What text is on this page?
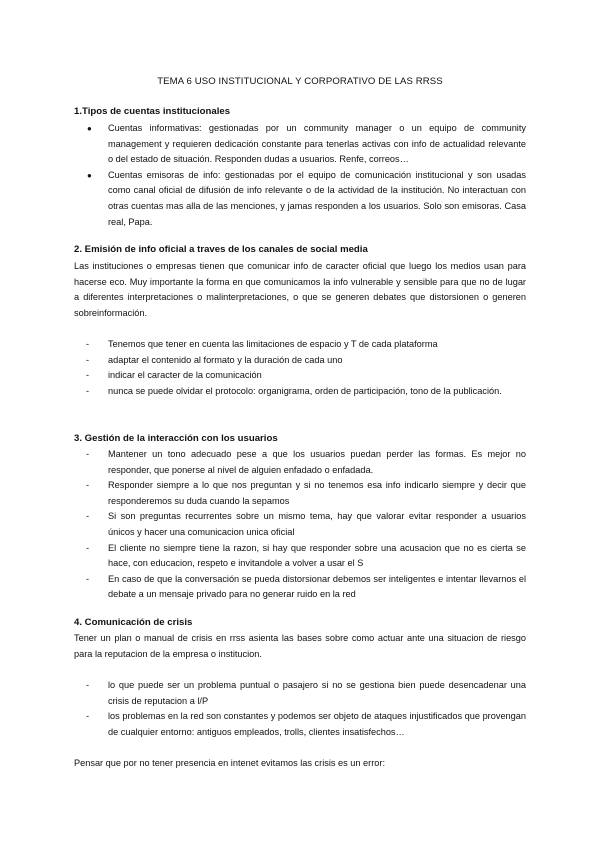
TEMA 6 USO INSTITUCIONAL Y CORPORATIVO DE LAS RRSS
1.Tipos de cuentas institucionales
●	Cuentas informativas: gestionadas por un community manager o un equipo de community management y requieren dedicación constante para tenerlas activas con info de actualidad relevante o del estado de situación. Responden dudas a usuarios. Renfe, correos…
●	Cuentas emisoras de info: gestionadas por el equipo de comunicación institucional y son usadas como canal oficial de difusión de info relevante o de la actividad de la institución. No interactuan con otras cuentas mas alla de las menciones, y jamas responden a los usuarios. Solo son emisoras. Casa real, Papa.
2. Emisión de info oficial a traves de los canales de social media
Las instituciones o empresas tienen que comunicar info de caracter oficial que luego los medios usan para hacerse eco. Muy importante la forma en que comunicamos la info vulnerable y sensible para que no de lugar a diferentes interpretaciones o malinterpretaciones, o que se generen debates que distorsionen o generen sobreinformación.
-	Tenemos que tener en cuenta las limitaciones de espacio y T de cada plataforma
-	adaptar el contenido al formato y la duración de cada uno
-	indicar el caracter de la comunicación
-	nunca se puede olvidar el protocolo: organigrama, orden de participación, tono de la publicación.
3. Gestión de la interacción con los usuarios
-	Mantener un tono adecuado pese a que los usuarios puedan perder las formas. Es mejor no responder, que ponerse al nivel de alguien enfadado o enfadada.
-	Responder siempre a lo que nos preguntan y si no tenemos esa info indicarlo siempre y decir que responderemos su duda cuando la sepamos
-	Si son preguntas recurrentes sobre un mismo tema, hay que valorar evitar responder a usuarios únicos y hacer una comunicacion unica oficial
-	El cliente no siempre tiene la razon, si hay que responder sobre una acusacion que no es cierta se hace, con educacion, respeto e invitandole a volver a usar el S
-	En caso de que la conversación se pueda distorsionar debemos ser inteligentes e intentar llevarnos el debate a un mensaje privado para no generar ruido en la red
4. Comunicación de crisis
Tener un plan o manual de crisis en rrss asienta las bases sobre como actuar ante una situacion de riesgo para la reputacion de la empresa o institucion.
-	lo que puede ser un problema puntual o pasajero si no se gestiona bien puede desencadenar una crisis de reputacion a l/P
-	los problemas en la red son constantes y podemos ser objeto de ataques injustificados que provengan de cualquier entorno: antiguos empleados, trolls, clientes insatisfechos…
Pensar que por no tener presencia en intenet evitamos las crisis es un error:
